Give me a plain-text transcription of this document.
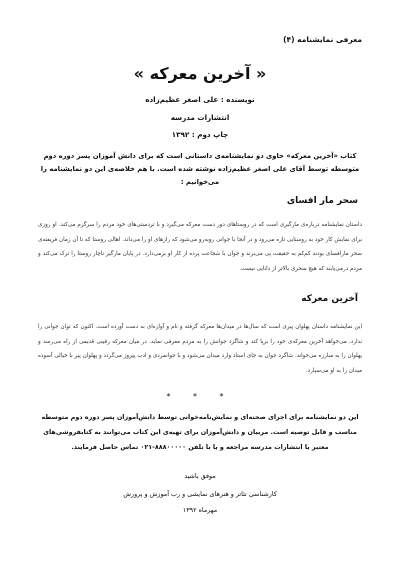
معرفی نمایشنامه (۴)
« آخرین معرکه »
نویسنده : علی اصغر عظیم‌زاده
انتشارات مدرسه
چاپ دوم : ۱۳۹۲
کتاب «آخرین معرکه» حاوی دو نمایشنامه‌ی داستانی است که برای دانش آموزان پسر دوره دوم متوسطه توسط آقای علی اصغر عظیم‌زاده نوشته شده است. با هم خلاصه‌ی این دو نمایشنامه را می‌خوانیم :
سحر مار افسای
داستان نمایشنامه درباره‌ی مارگیری است که در روستاهای دور دست معرکه می‌گیرد و با تردستی‌های خود مردم را سرگرم می‌کند. او روزی برای نمایش کار خود به روستایی تازه می‌رود و در آنجا با جوانی روبه‌رو می‌شود که رازهای او را می‌داند. اهالی روستا که تا آن زمان فریفته‌ی سحر مارافسای بودند کم‌کم به حقیقت پی می‌برند و جوان با شجاعت پرده از کار او برمی‌دارد. در پایان مارگیر ناچار روستا را ترک می‌کند و مردم درمی‌یابند که هیچ سحری بالاتر از دانایی نیست.
آخرین معرکه
این نمایشنامه داستان پهلوان پیری است که سال‌ها در میدان‌ها معرکه گرفته و نام و آوازه‌ای به دست آورده است. اکنون که توان جوانی را ندارد، می‌خواهد آخرین معرکه‌ی خود را برپا کند و شاگرد جوانش را به مردم معرفی نماید. در میان معرکه رقیبی قدیمی از راه می‌رسد و پهلوان را به مبارزه می‌خواند. شاگرد جوان به جای استاد وارد میدان می‌شود و با جوانمردی و ادب پیروز می‌گردد و پهلوان پیر با خیالی آسوده میدان را به او می‌سپارد.
* * *
این دو نمایشنامه برای اجرای صحنه‌ای و نمایش‌نامه‌خوانی توسط دانش‌آموزان پسر دوره دوم متوسطه مناسب و قابل توصیه است. مربیان و دانش‌آموزان برای تهیه‌ی این کتاب می‌توانند به کتابفروشی‌های معتبر یا انتشارات مدرسه مراجعه و یا با تلفن ۸۸۸۰۰۰۰۰-۰۲۱ تماس حاصل فرمایند.
موفق باشید
کارشناسی تئاتر و هنرهای نمایشی و رب آموزش و پرورش
مهرماه ۱۳۹۲
